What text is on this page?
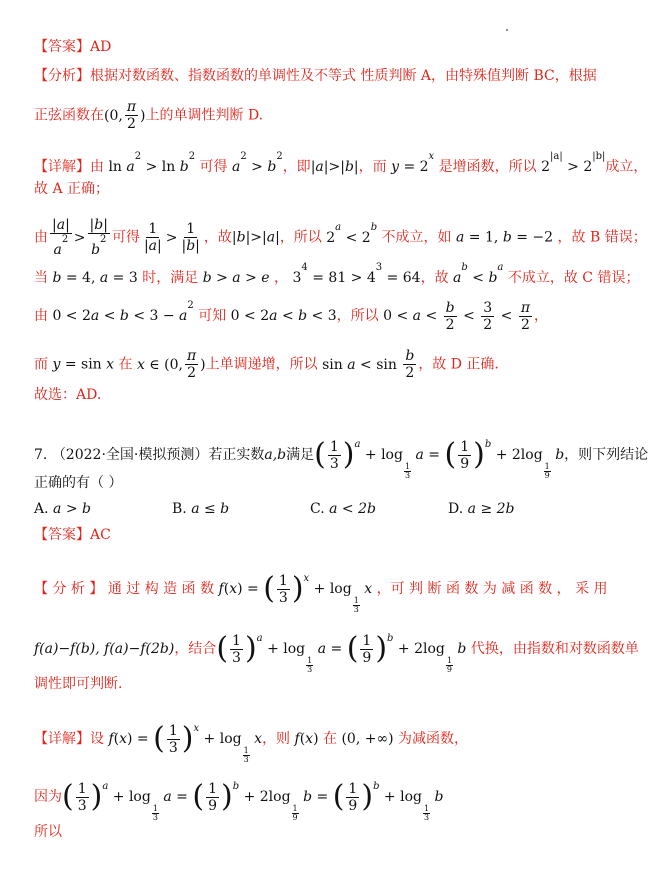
【答案】AD
【分析】根据对数函数、指数函数的单调性及不等式 性质判断 A，由特殊值判断 BC，根据
正弦函数在(0, $\frac{\pi}{2}$ )上的单调性判断 D.
【详解】由 $\ln a^2 > \ln b^2$ 可得 $a^2 > b^2$，即|a|>|b|，而 $y = 2^x$ 是增函数，所以 $2^{|a|} > 2^{|b|}$成立，
故 A 正确；
由 $\frac{|a|}{a^2} > \frac{|b|}{b^2}$ 可得 $\frac{1}{|a|} > \frac{1}{|b|}$ ，故|b|>|a|，所以 $2^a < 2^b$ 不成立，如 a = 1, b = −2 ，故 B 错误；
当 b = 4, a = 3 时，满足 b > a > e ， $3^4 = 81 > 4^3 = 64$，故 $a^b < b^a$ 不成立，故 C 错误；
由 $0 < 2a < b < 3 - a^2$ 可知 0 < 2a < b < 3，所以 $0 < a < \frac{b}{2} < \frac{3}{2} < \frac{\pi}{2}$ ，
而 y = sin x 在 x ∈ (0, $\frac{\pi}{2}$ )上单调递增，所以 $\sin a < \sin \frac{b}{2}$ ，故 D 正确.
故选：AD.
7. （2022·全国·模拟预测）若正实数a,b满足( $\frac{1}{3} )^a + \log$
$\frac{1}{3}$
a = ( $\frac{1}{9} )^b + 2\log$
$\frac{1}{9}$
b，则下列结论
正确的有（ ）
A. a > b	B. a ≤ b	C. a < 2b	D. a ≥ 2b
【答案】AC
【 分 析 】 通 过 构 造 函 数 f(x) = ( $\frac{1}{3} )^x + \log$
$\frac{1}{3}$
x ，可 判 断 函 数 为 减 函 数 ， 采 用
f(a)−f(b), f(a)−f(2b)，结合( $\frac{1}{3} )^a + \log$
$\frac{1}{3}$
a = ( $\frac{1}{9} )^b + 2\log$
$\frac{1}{9}$
b 代换，由指数和对数函数单
调性即可判断.
【详解】设 f(x) = ( $\frac{1}{3} )^x + \log$
$\frac{1}{3}$
x，则 f(x) 在 (0, +∞) 为减函数，
因为( $\frac{1}{3} )^a + \log$
$\frac{1}{3}$
a = ( $\frac{1}{9} )^b + 2\log$
$\frac{1}{9}$
b = ( $\frac{1}{9} )^b + \log$
$\frac{1}{3}$
b
所以
